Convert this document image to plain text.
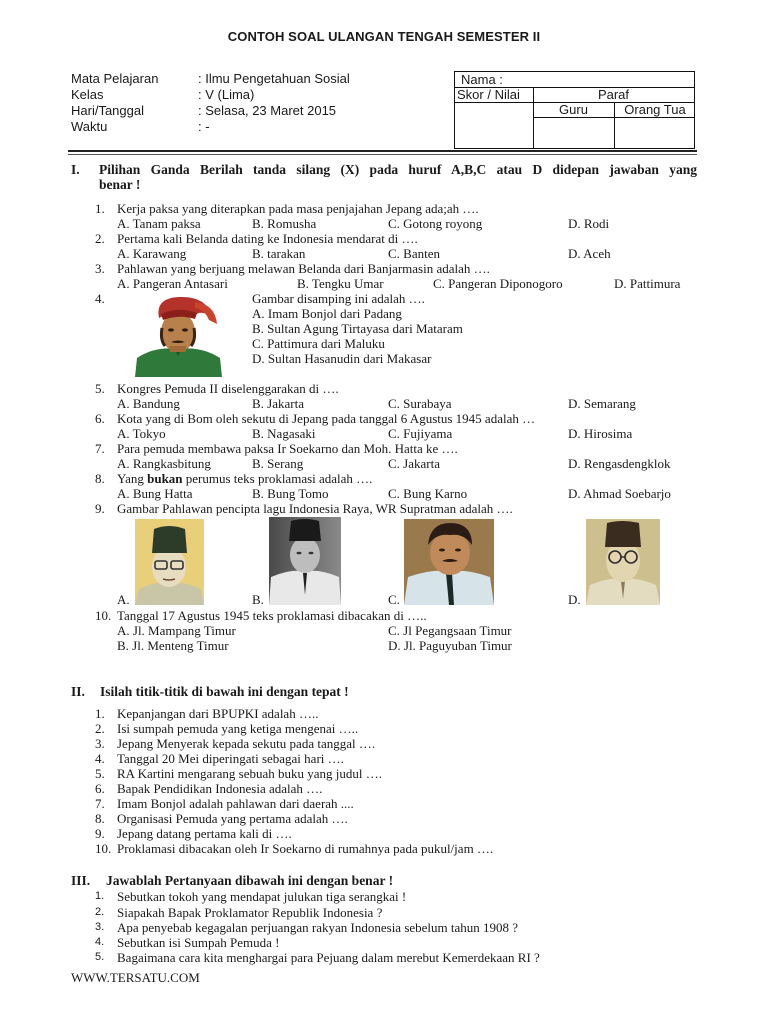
CONTOH SOAL ULANGAN TENGAH SEMESTER II
Mata Pelajaran	: Ilmu Pengetahuan Sosial
Kelas	: V (Lima)
Hari/Tanggal	: Selasa, 23 Maret 2015
Waktu	: -
Nama :
Skor / Nilai	Paraf
Guru	Orang Tua
I. Pilihan Ganda Berilah tanda silang (X) pada huruf A,B,C atau D didepan jawaban yang
benar !
1. Kerja paksa yang diterapkan pada masa penjajahan Jepang ada;ah ….
A. Tanam paksa	B. Romusha	C. Gotong royong	D. Rodi
2. Pertama kali Belanda dating ke Indonesia mendarat di ….
A. Karawang	B. tarakan	C. Banten	D. Aceh
3. Pahlawan yang berjuang melawan Belanda dari Banjarmasin adalah ….
A. Pangeran Antasari	B. Tengku Umar	C. Pangeran Diponogoro	D. Pattimura
4.	Gambar disamping ini adalah ….
A. Imam Bonjol dari Padang
B. Sultan Agung Tirtayasa dari Mataram
C. Pattimura dari Maluku
D. Sultan Hasanudin dari Makasar
5. Kongres Pemuda II diselenggarakan di ….
A. Bandung	B. Jakarta	C. Surabaya	D. Semarang
6. Kota yang di Bom oleh sekutu di Jepang pada tanggal 6 Agustus 1945 adalah …
A. Tokyo	B. Nagasaki	C. Fujiyama	D. Hirosima
7. Para pemuda membawa paksa Ir Soekarno dan Moh. Hatta ke ….
A. Rangkasbitung	B. Serang	C. Jakarta	D. Rengasdengklok
8. Yang bukan perumus teks proklamasi adalah ….
A. Bung Hatta	B. Bung Tomo	C. Bung Karno	D. Ahmad Soebarjo
9. Gambar Pahlawan pencipta lagu Indonesia Raya, WR Supratman adalah ….
A.	B.	C.	D.
10. Tanggal 17 Agustus 1945 teks proklamasi dibacakan di …..
A. Jl. Mampang Timur
B. Jl. Menteng Timur
C. Jl Pegangsaan Timur
D. Jl. Paguyuban Timur
II. Isilah titik-titik di bawah ini dengan tepat !
1. Kepanjangan dari BPUPKI adalah …..
2. Isi sumpah pemuda yang ketiga mengenai …..
3. Jepang Menyerak kepada sekutu pada tanggal ….
4. Tanggal 20 Mei diperingati sebagai hari ….
5. RA Kartini mengarang sebuah buku yang judul ….
6. Bapak Pendidikan Indonesia adalah ….
7. Imam Bonjol adalah pahlawan dari daerah ....
8. Organisasi Pemuda yang pertama adalah ….
9. Jepang datang pertama kali di ….
10. Proklamasi dibacakan oleh Ir Soekarno di rumahnya pada pukul/jam ….
III. Jawablah Pertanyaan dibawah ini dengan benar !
1. Sebutkan tokoh yang mendapat julukan tiga serangkai !
2. Siapakah Bapak Proklamator Republik Indonesia ?
3. Apa penyebab kegagalan perjuangan rakyan Indonesia sebelum tahun 1908 ?
4. Sebutkan isi Sumpah Pemuda !
5. Bagaimana cara kita menghargai para Pejuang dalam merebut Kemerdekaan RI ?
WWW.TERSATU.COM
